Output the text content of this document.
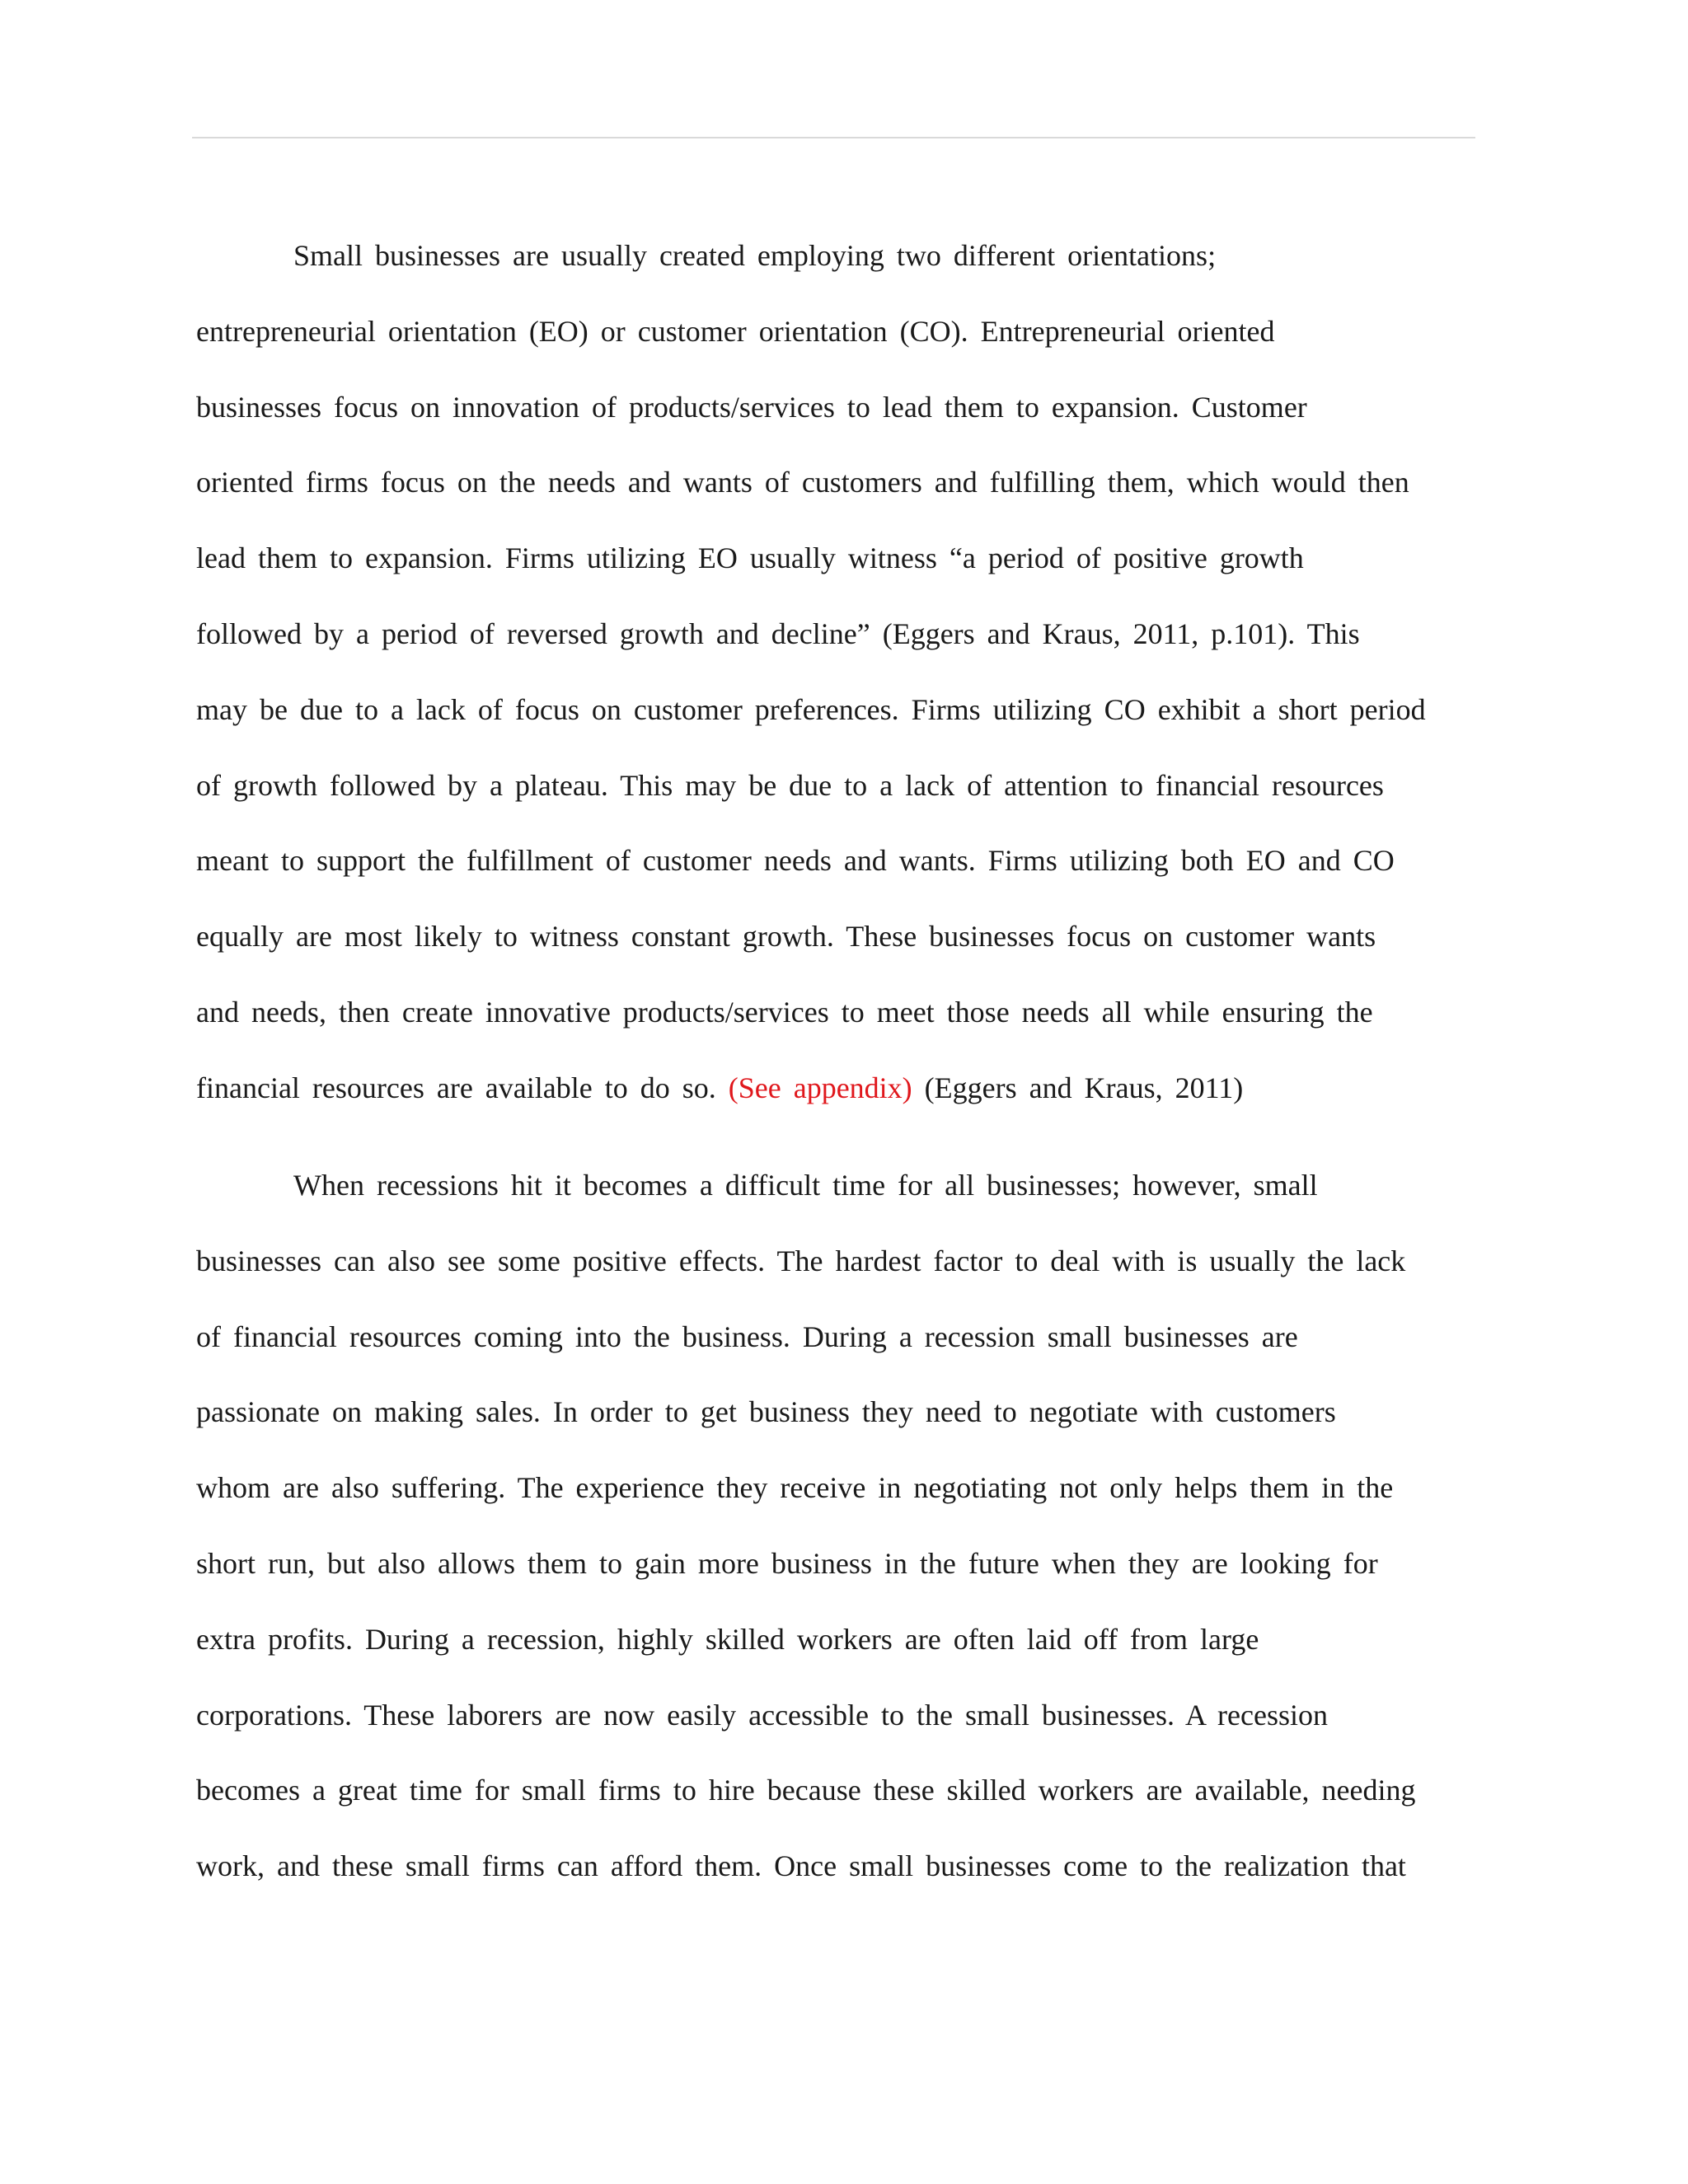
Small businesses are usually created employing two different orientations;
entrepreneurial orientation (EO) or customer orientation (CO). Entrepreneurial oriented
businesses focus on innovation of products/services to lead them to expansion. Customer
oriented firms focus on the needs and wants of customers and fulfilling them, which would then
lead them to expansion. Firms utilizing EO usually witness “a period of positive growth
followed by a period of reversed growth and decline” (Eggers and Kraus, 2011, p.101). This
may be due to a lack of focus on customer preferences. Firms utilizing CO exhibit a short period
of growth followed by a plateau. This may be due to a lack of attention to financial resources
meant to support the fulfillment of customer needs and wants. Firms utilizing both EO and CO
equally are most likely to witness constant growth. These businesses focus on customer wants
and needs, then create innovative products/services to meet those needs all while ensuring the
financial resources are available to do so. (See appendix) (Eggers and Kraus, 2011)
When recessions hit it becomes a difficult time for all businesses; however, small
businesses can also see some positive effects. The hardest factor to deal with is usually the lack
of financial resources coming into the business. During a recession small businesses are
passionate on making sales. In order to get business they need to negotiate with customers
whom are also suffering. The experience they receive in negotiating not only helps them in the
short run, but also allows them to gain more business in the future when they are looking for
extra profits. During a recession, highly skilled workers are often laid off from large
corporations. These laborers are now easily accessible to the small businesses. A recession
becomes a great time for small firms to hire because these skilled workers are available, needing
work, and these small firms can afford them. Once small businesses come to the realization that
